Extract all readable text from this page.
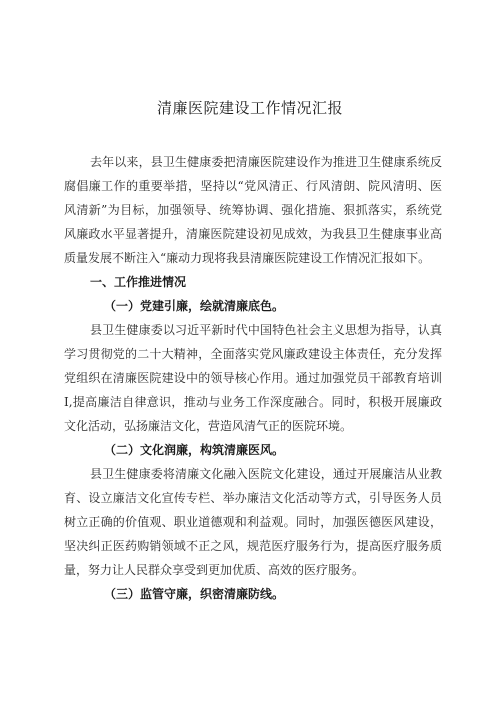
清廉医院建设工作情况汇报

去年以来，县卫生健康委把清廉医院建设作为推进卫生健康系统反腐倡廉工作的重要举措，坚持以“党风清正、行风清朗、院风清明、医风清新”为目标，加强领导、统筹协调、强化措施、狠抓落实，系统党风廉政水平显著提升，清廉医院建设初见成效，为我县卫生健康事业高质量发展不断注入“廉动力现将我县清廉医院建设工作情况汇报如下。

一、工作推进情况

（一）党建引廉，绘就清廉底色。

县卫生健康委以习近平新时代中国特色社会主义思想为指导，认真学习贯彻党的二十大精神，全面落实党风廉政建设主体责任，充分发挥党组织在清廉医院建设中的领导核心作用。通过加强党员干部教育培训I,提高廉洁自律意识，推动与业务工作深度融合。同时，积极开展廉政文化活动，弘扬廉洁文化，营造风清气正的医院环境。

（二）文化润廉，构筑清廉医风。

县卫生健康委将清廉文化融入医院文化建设，通过开展廉洁从业教育、设立廉洁文化宣传专栏、举办廉洁文化活动等方式，引导医务人员树立正确的价值观、职业道德观和利益观。同时，加强医德医风建设，坚决纠正医药购销领域不正之风，规范医疗服务行为，提高医疗服务质量，努力让人民群众享受到更加优质、高效的医疗服务。

（三）监管守廉，织密清廉防线。
